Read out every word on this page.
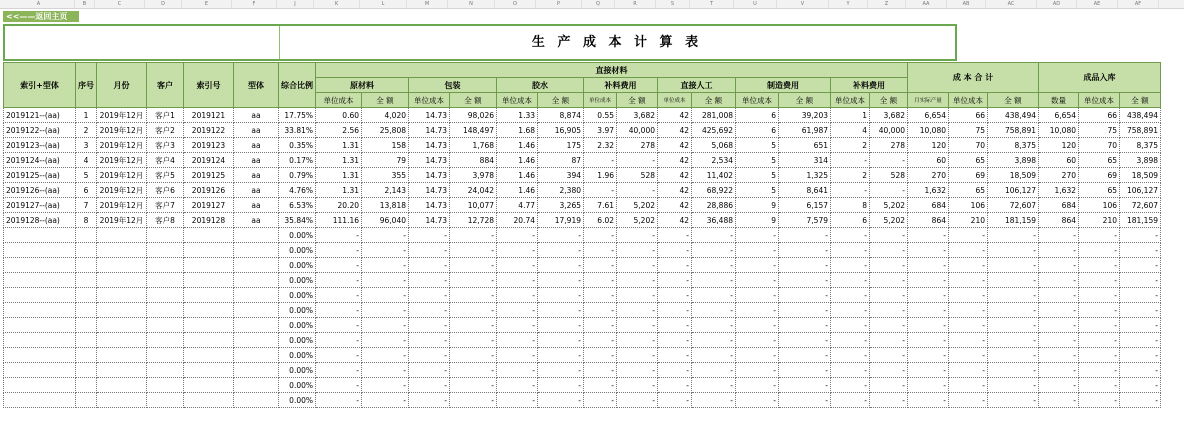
A	B	C	D	E	F	J	K	L	M	N	O	P	Q	R	S	T	U	V	Y	Z	AA	AB	AC	AD	AE	AF
<<——返回主页
生 产 成 本 计 算 表
索引+型体	序号	月份	客户	索引号	型体	综合比例	直接材料														成 本 合 计			成品入库		
							原材料		包装		胶水		补料费用		直接人工		制造费用		补料费用							
							单位成本	全 额	单位成本	全 额	单位成本	全 额	单位成本	全 额	单位成本	全 额	单位成本	全 额	单位成本	全 额	月实际产量	单位成本	全 额	数量	单位成本	全 额
2019121--(aa)	1	2019年12月	客户1	2019121	aa	17.75%	0.60	4,020	14.73	98,026	1.33	8,874	0.55	3,682	42	281,008	6	39,203	1	3,682	6,654	66	438,494	6,654	66	438,494
2019122--(aa)	2	2019年12月	客户2	2019122	aa	33.81%	2.56	25,808	14.73	148,497	1.68	16,905	3.97	40,000	42	425,692	6	61,987	4	40,000	10,080	75	758,891	10,080	75	758,891
2019123--(aa)	3	2019年12月	客户3	2019123	aa	0.35%	1.31	158	14.73	1,768	1.46	175	2.32	278	42	5,068	5	651	2	278	120	70	8,375	120	70	8,375
2019124--(aa)	4	2019年12月	客户4	2019124	aa	0.17%	1.31	79	14.73	884	1.46	87	-	-	42	2,534	5	314	-	-	60	65	3,898	60	65	3,898
2019125--(aa)	5	2019年12月	客户5	2019125	aa	0.79%	1.31	355	14.73	3,978	1.46	394	1.96	528	42	11,402	5	1,325	2	528	270	69	18,509	270	69	18,509
2019126--(aa)	6	2019年12月	客户6	2019126	aa	4.76%	1.31	2,143	14.73	24,042	1.46	2,380	-	-	42	68,922	5	8,641	-	-	1,632	65	106,127	1,632	65	106,127
2019127--(aa)	7	2019年12月	客户7	2019127	aa	6.53%	20.20	13,818	14.73	10,077	4.77	3,265	7.61	5,202	42	28,886	9	6,157	8	5,202	684	106	72,607	684	106	72,607
2019128--(aa)	8	2019年12月	客户8	2019128	aa	35.84%	111.16	96,040	14.73	12,728	20.74	17,919	6.02	5,202	42	36,488	9	7,579	6	5,202	864	210	181,159	864	210	181,159
						0.00%	-	-	-	-	-	-	-	-	-	-	-	-	-	-	-	-	-	-	-	-
						0.00%	-	-	-	-	-	-	-	-	-	-	-	-	-	-	-	-	-	-	-	-
						0.00%	-	-	-	-	-	-	-	-	-	-	-	-	-	-	-	-	-	-	-	-
						0.00%	-	-	-	-	-	-	-	-	-	-	-	-	-	-	-	-	-	-	-	-
						0.00%	-	-	-	-	-	-	-	-	-	-	-	-	-	-	-	-	-	-	-	-
						0.00%	-	-	-	-	-	-	-	-	-	-	-	-	-	-	-	-	-	-	-	-
						0.00%	-	-	-	-	-	-	-	-	-	-	-	-	-	-	-	-	-	-	-	-
						0.00%	-	-	-	-	-	-	-	-	-	-	-	-	-	-	-	-	-	-	-	-
						0.00%	-	-	-	-	-	-	-	-	-	-	-	-	-	-	-	-	-	-	-	-
						0.00%	-	-	-	-	-	-	-	-	-	-	-	-	-	-	-	-	-	-	-	-
						0.00%	-	-	-	-	-	-	-	-	-	-	-	-	-	-	-	-	-	-	-	-
						0.00%	-	-	-	-	-	-	-	-	-	-	-	-	-	-	-	-	-	-	-	-
